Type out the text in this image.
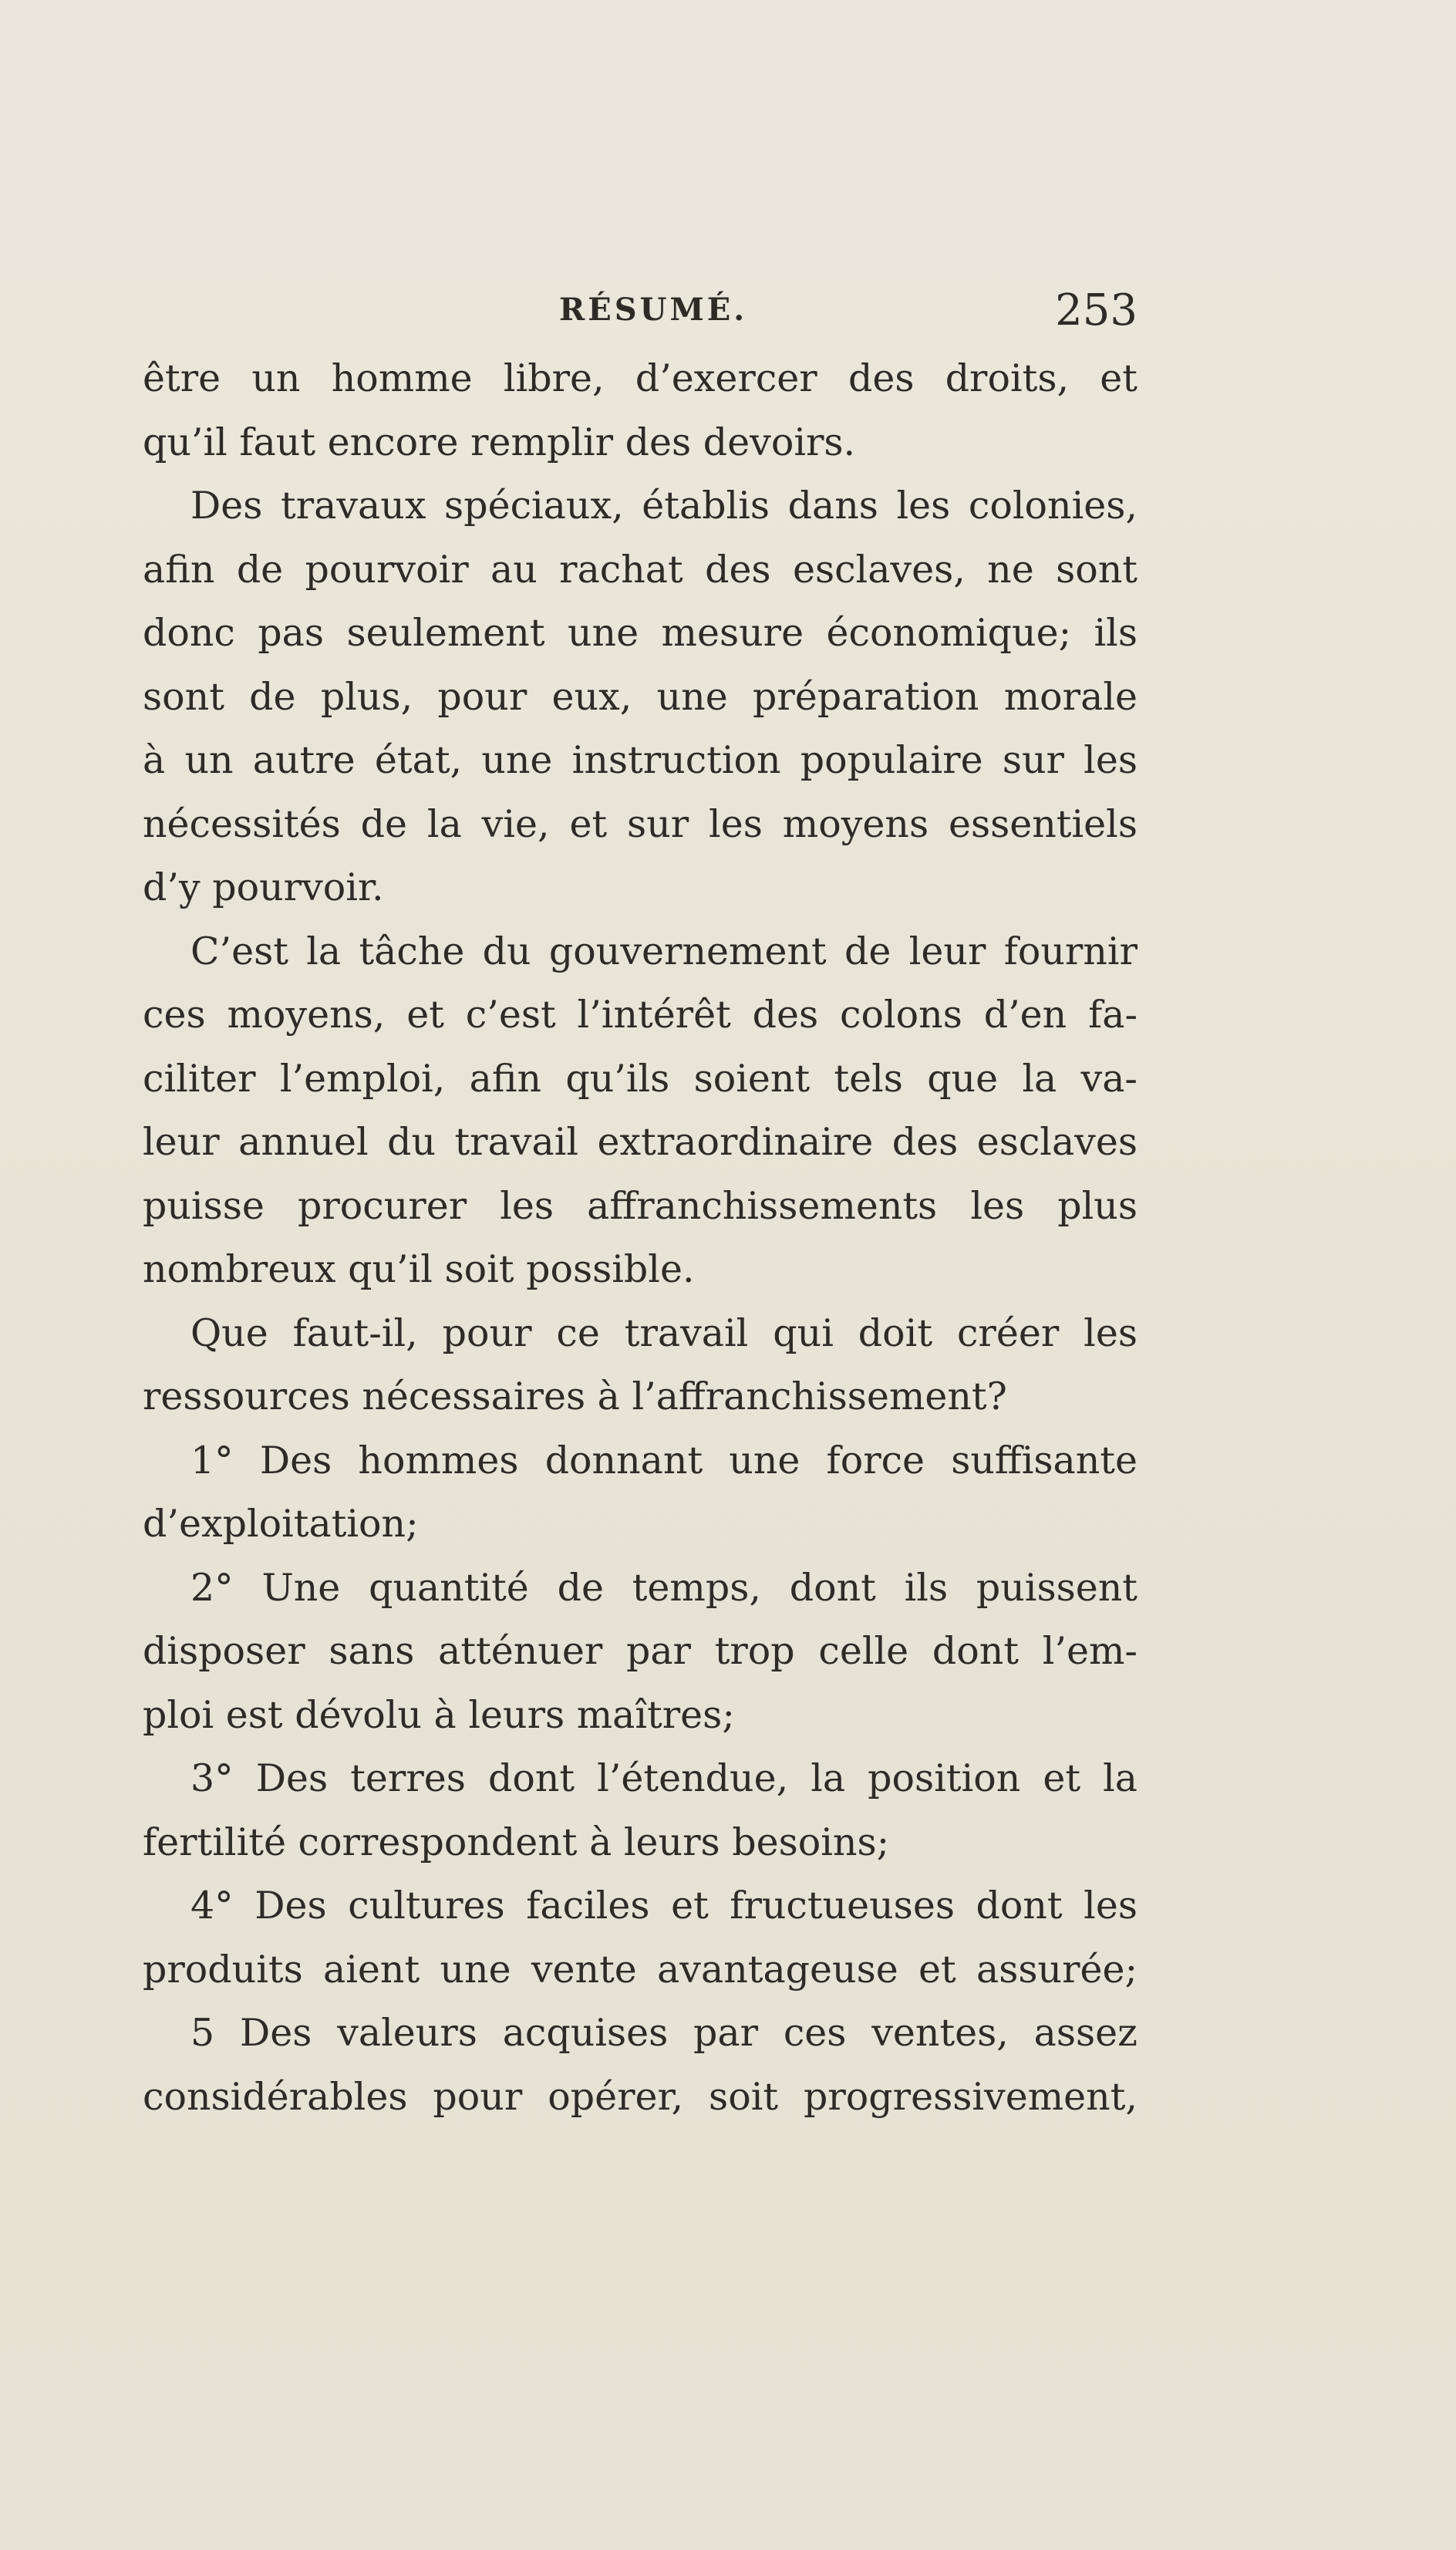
RÉSUMÉ.	253
être un homme libre, d’exercer des droits, et
qu’il faut encore remplir des devoirs.
Des travaux spéciaux, établis dans les colonies,
afin de pourvoir au rachat des esclaves, ne sont
donc pas seulement une mesure économique; ils
sont de plus, pour eux, une préparation morale
à un autre état, une instruction populaire sur les
nécessités de la vie, et sur les moyens essentiels
d’y pourvoir.
C’est la tâche du gouvernement de leur fournir
ces moyens, et c’est l’intérêt des colons d’en fa-
ciliter l’emploi, afin qu’ils soient tels que la va-
leur annuel du travail extraordinaire des esclaves
puisse procurer les affranchissements les plus
nombreux qu’il soit possible.
Que faut-il, pour ce travail qui doit créer les
ressources nécessaires à l’affranchissement?
1° Des hommes donnant une force suffisante
d’exploitation;
2° Une quantité de temps, dont ils puissent
disposer sans atténuer par trop celle dont l’em-
ploi est dévolu à leurs maîtres;
3° Des terres dont l’étendue, la position et la
fertilité correspondent à leurs besoins;
4° Des cultures faciles et fructueuses dont les
produits aient une vente avantageuse et assurée;
5 Des valeurs acquises par ces ventes, assez
considérables pour opérer, soit progressivement,
